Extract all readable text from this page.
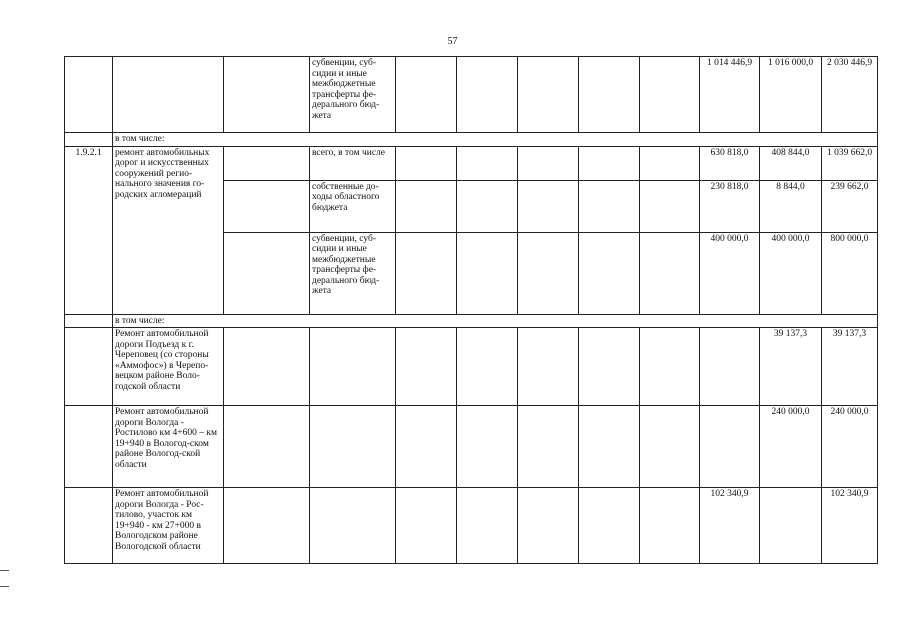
57
			субвенции, суб-сидии и иные межбюджетные трансферты фе-дерального бюд-жета						1 014 446,9	1 016 000,0	2 030 446,9
	в том числе:										
1.9.2.1	ремонт автомобильных дорог и искусственных сооружений регио-нального значения го-родских агломераций		всего, в том числе						630 818,0	408 844,0	1 039 662,0
			собственные до-ходы областного бюджета						230 818,0	8 844,0	239 662,0
			субвенции, суб-сидии и иные межбюджетные трансферты фе-дерального бюд-жета						400 000,0	400 000,0	800 000,0
	в том числе:										
	Ремонт автомобильной дороги Подъезд к г. Череповец (со стороны «Аммофос») в Черепо-вецком районе Воло-годской области									39 137,3	39 137,3
	Ремонт автомобильной дороги Вологда - Ростилово км 4+600 – км 19+940 в Вологод-ском районе Вологод-ской области									240 000,0	240 000,0
	Ремонт автомобильной дороги Вологда - Рос-тилово, участок км 19+940 - км 27+000 в Вологодском районе Вологодской области								102 340,9		102 340,9
